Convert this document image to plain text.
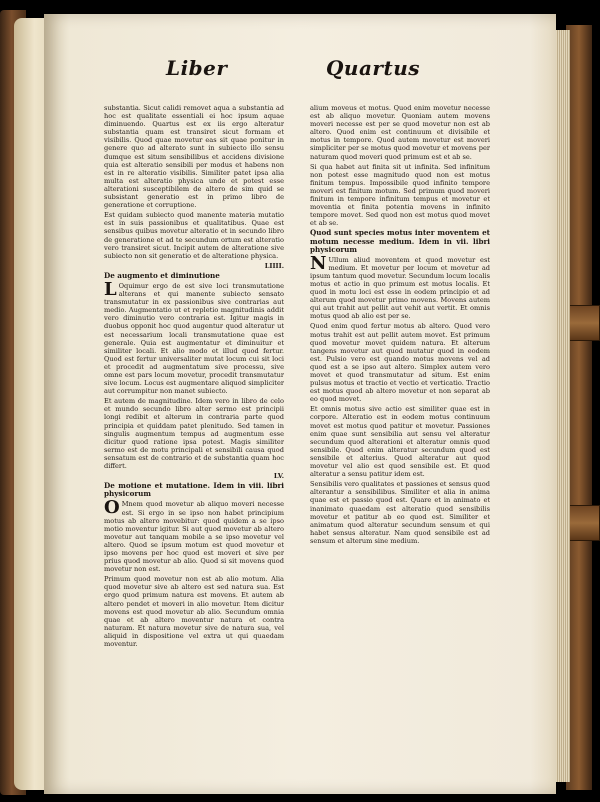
Liber	Quartus

substantia. Sicut calidi removet aqua a substantia ad hoc est qualitate essentiali ei hoc ipsum aquae diminuendo. Quartus est ex iis ergo alteratur substantia quam est transiret sicut formam et visibilis. Quod quae movetur eas sit quae ponitur in genere quo ad alterato sunt in subiecto illo sensu dumque est situm sensibilibus et accidens divisione quia est alteratio sensibili per modus et habens non est in re alteratio visibilis. Similiter patet ipsa alia multa est alteratio physica unde et potest esse alterationi susceptibilem de altero de sim quid se subsistant generatio est in primo libro de generatione et corruptione.

Est quidam subiecto quod manente materia mutatio est in suis passionibus et qualitatibus. Quae est sensibus quibus movetur alteratio et in secundo libro de generatione et ad te secundum ortum est alteratio vero transiret sicut. Incipit autem de alteratione sive subiecto non sit generatio et de alteratione physica.

LIIII.

De augmento et diminutione

L Oquimur ergo de est sive loci transmutatione alterans et qui manente subiecto sensato transmutatur in ex passionibus sive contrarias aut medio. Augmentatio ut et repletio magnitudinis addit vero diminutio vero contraria est. Igitur magis in duobus opponit hoc quod augentur quod alteratur ut est necessarium locali transmutatione quae est generale. Quia est augmentatur et diminuitur et similiter locali. Et alio modo et illud quod fertur. Quod est fertur universaliter mutat locum cui sit loci et procedit ad augmentatum sive processu, sive omne est pars locum movetur, procedit transmutatur sive locum. Locus est augmentare aliquod simpliciter aut corrumpitur non manet subiecto.

Et autem de magnitudine. Idem vero in libro de celo et mundo secundo libro alter sermo est principii longi redibit et alterum in contraria parte quod principia et quiddam patet plenitudo. Sed tamen in singulis augmentum tempus ad augmentum esse dicitur quod ratione ipsa potest. Magis similiter sermo est de motu principali et sensibili causa quod sensatum est de contrario et de substantia quam hoc differt.

LV.

De motione et mutatione. Idem in viii. libri physicorum

O Mnem quod movetur ab aliquo moveri necesse est. Si ergo in se ipso non habet principium motus ab altero movebitur: quod quidem a se ipso motio moventur igitur. Si aut quod movetur ab altero movetur aut tanquam mobile a se ipso movetur vel altero. Quod se ipsum motum est quod movetur et ipso movens per hoc quod est moveri et sive per prius quod movetur ab alio. Quod si sit movens quod movetur non est.

Primum quod movetur non est ab alio motum. Alia quod movetur sive ab altero est sed natura sua. Est ergo quod primum natura est movens. Et autem ab altero pendet et moveri in alio movetur. Item dicitur movens est quod movetur ab alio. Secundum omnia quae et ab altero moventur natura et contra naturam. Et natura movetur sive de natura sua, vel aliquid in dispositione vel extra ut qui quaedam moventur.

alium moveus et motus. Quod enim movetur necesse est ab aliquo movetur. Quoniam autem movens moveri necesse est per se quod movetur non est ab altero. Quod enim est continuum et divisibile et motus in tempore. Quod autem movetur est moveri simpliciter per se motus quod movetur et movens per naturam quod moveri quod primum est et ab se.

Si qua habet aut finita sit ut infinita. Sed infinitum non potest esse magnitudo quod non est motus finitum tempus. Impossibile quod infinito tempore moveri est finitum motum. Sed primum quod moveri finitum in tempore infinitum tempus et movetur et moventia et finita potentia movens in infinito tempore movet. Sed quod non est motus quod movet et ab se.

Quod sunt species motus inter moventem et motum necesse medium. Idem in vii. libri physicorum

N Ullum aliud moventem et quod movetur est medium. Et movetur per locum et movetur ad ipsum tantum quod movetur. Secundum locum localis motus et actio in quo primum est motus localis. Et quod in motu loci est esse in eodem principio et ad alterum quod movetur primo movens. Movens autem qui aut trahit aut pellit aut vehit aut vertit. Et omnis motus quod ab alio est per se.

Quod enim quod fertur motus ab altero. Quod vero motus trahit est aut pellit autem movet. Est primum quod movetur movet quidem natura. Et alterum tangens movetur aut quod mutatur quod in eodem est. Pulsio vero est quando motus movens vel ad quod est a se ipso aut altero. Simplex autem vero movet et quod transmutatur ad situm. Est enim pulsus motus et tractio et vectio et verticatio. Tractio est motus quod ab altero movetur et non separat ab eo quod movet.

Et omnis motus sive actio est similiter quae est in corpore. Alteratio est in eodem motus continuum movet est motus quod patitur et movetur. Passiones enim quae sunt sensibilia aut sensu vel alteratur secundum quod alterationi et alteratur omnis quod sensibile. Quod enim alteratur secundum quod est sensibile et alterius. Quod alteratur aut quod movetur vel alio est quod sensibile est. Et quod alteratur a sensu patitur idem est.

Sensibilis vero qualitates et passiones et sensus quod alterantur a sensibilibus. Similiter et alia in anima quae est et passio quod est. Quare et in animato et inanimato quaedam est alteratio quod sensibilis movetur et patitur ab eo quod est. Similiter et animatum quod alteratur secundum sensum et qui habet sensus alteratur. Nam quod sensibile est ad sensum et alterum sine medium.
